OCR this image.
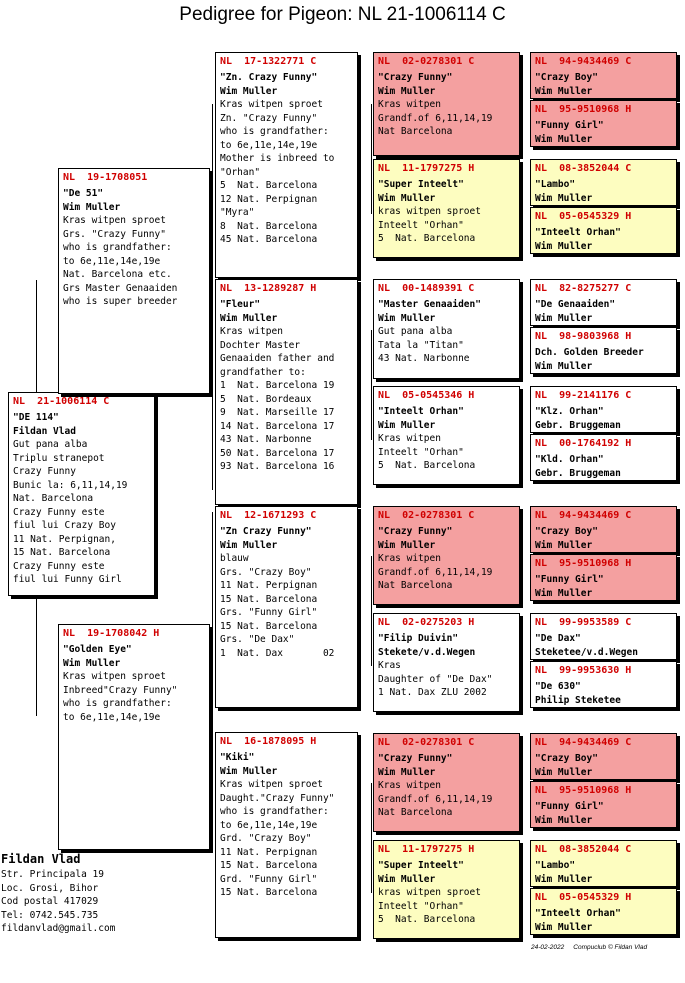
Pedigree for Pigeon: NL 21-1006114 C
NL  21-1006114 C
"DE 114"
Fildan Vlad
Gut pana alba
Triplu stranepot
Crazy Funny
Bunic la: 6,11,14,19
Nat. Barcelona
Crazy Funny este
fiul lui Crazy Boy
11 Nat. Perpignan,
15 Nat. Barcelona
Crazy Funny este
fiul lui Funny Girl
NL  19-1708051
"De 51"
Wim Muller
Kras witpen sproet
Grs. "Crazy Funny"
who is grandfather:
to 6e,11e,14e,19e
Nat. Barcelona etc.
Grs Master Genaaiden
who is super breeder
NL  19-1708042 H
"Golden Eye"
Wim Muller
Kras witpen sproet
Inbreed"Crazy Funny"
who is grandfather:
to 6e,11e,14e,19e
NL  17-1322771 C
"Zn. Crazy Funny"
Wim Muller
Kras witpen sproet
Zn. "Crazy Funny"
who is grandfather:
to 6e,11e,14e,19e
Mother is inbreed to
"Orhan"
5  Nat. Barcelona
12 Nat. Perpignan
"Myra"
8  Nat. Barcelona
45 Nat. Barcelona
NL  13-1289287 H
"Fleur"
Wim Muller
Kras witpen
Dochter Master
Genaaiden father and
grandfather to:
1  Nat. Barcelona 19
5  Nat. Bordeaux
9  Nat. Marseille 17
14 Nat. Barcelona 17
43 Nat. Narbonne
50 Nat. Barcelona 17
93 Nat. Barcelona 16
NL  12-1671293 C
"Zn Crazy Funny"
Wim Muller
blauw
Grs. "Crazy Boy"
11 Nat. Perpignan
15 Nat. Barcelona
Grs. "Funny Girl"
15 Nat. Barcelona
Grs. "De Dax"
1  Nat. Dax       02
NL  16-1878095 H
"Kiki"
Wim Muller
Kras witpen sproet
Daught."Crazy Funny"
who is grandfather:
to 6e,11e,14e,19e
Grd. "Crazy Boy"
11 Nat. Perpignan
15 Nat. Barcelona
Grd. "Funny Girl"
15 Nat. Barcelona
NL  02-0278301 C
"Crazy Funny"
Wim Muller
Kras witpen
Grandf.of 6,11,14,19
Nat Barcelona
NL  11-1797275 H
"Super Inteelt"
Wim Muller
kras witpen sproet
Inteelt "Orhan"
5  Nat. Barcelona
NL  00-1489391 C
"Master Genaaiden"
Wim Muller
Gut pana alba
Tata la "Titan"
43 Nat. Narbonne
NL  05-0545346 H
"Inteelt Orhan"
Wim Muller
Kras witpen
Inteelt "Orhan"
5  Nat. Barcelona
NL  02-0278301 C
"Crazy Funny"
Wim Muller
Kras witpen
Grandf.of 6,11,14,19
Nat Barcelona
NL  02-0275203 H
"Filip Duivin"
Stekete/v.d.Wegen
Kras
Daughter of "De Dax"
1 Nat. Dax ZLU 2002
NL  02-0278301 C
"Crazy Funny"
Wim Muller
Kras witpen
Grandf.of 6,11,14,19
Nat Barcelona
NL  11-1797275 H
"Super Inteelt"
Wim Muller
kras witpen sproet
Inteelt "Orhan"
5  Nat. Barcelona
NL  94-9434469 C
"Crazy Boy"
Wim Muller
NL  95-9510968 H
"Funny Girl"
Wim Muller
NL  08-3852044 C
"Lambo"
Wim Muller
NL  05-0545329 H
"Inteelt Orhan"
Wim Muller
NL  82-8275277 C
"De Genaaiden"
Wim Muller
NL  98-9803968 H
Dch. Golden Breeder
Wim Muller
NL  99-2141176 C
"Klz. Orhan"
Gebr. Bruggeman
NL  00-1764192 H
"Kld. Orhan"
Gebr. Bruggeman
NL  94-9434469 C
"Crazy Boy"
Wim Muller
NL  95-9510968 H
"Funny Girl"
Wim Muller
NL  99-9953589 C
"De Dax"
Steketee/v.d.Wegen
NL  99-9953630 H
"De 630"
Philip Steketee
NL  94-9434469 C
"Crazy Boy"
Wim Muller
NL  95-9510968 H
"Funny Girl"
Wim Muller
NL  08-3852044 C
"Lambo"
Wim Muller
NL  05-0545329 H
"Inteelt Orhan"
Wim Muller
Fildan Vlad
Str. Principala 19
Loc. Grosi, Bihor
Cod postal 417029
Tel: 0742.545.735
fildanvlad@gmail.com
24-02-2022     Compuclub © Fildan Vlad
